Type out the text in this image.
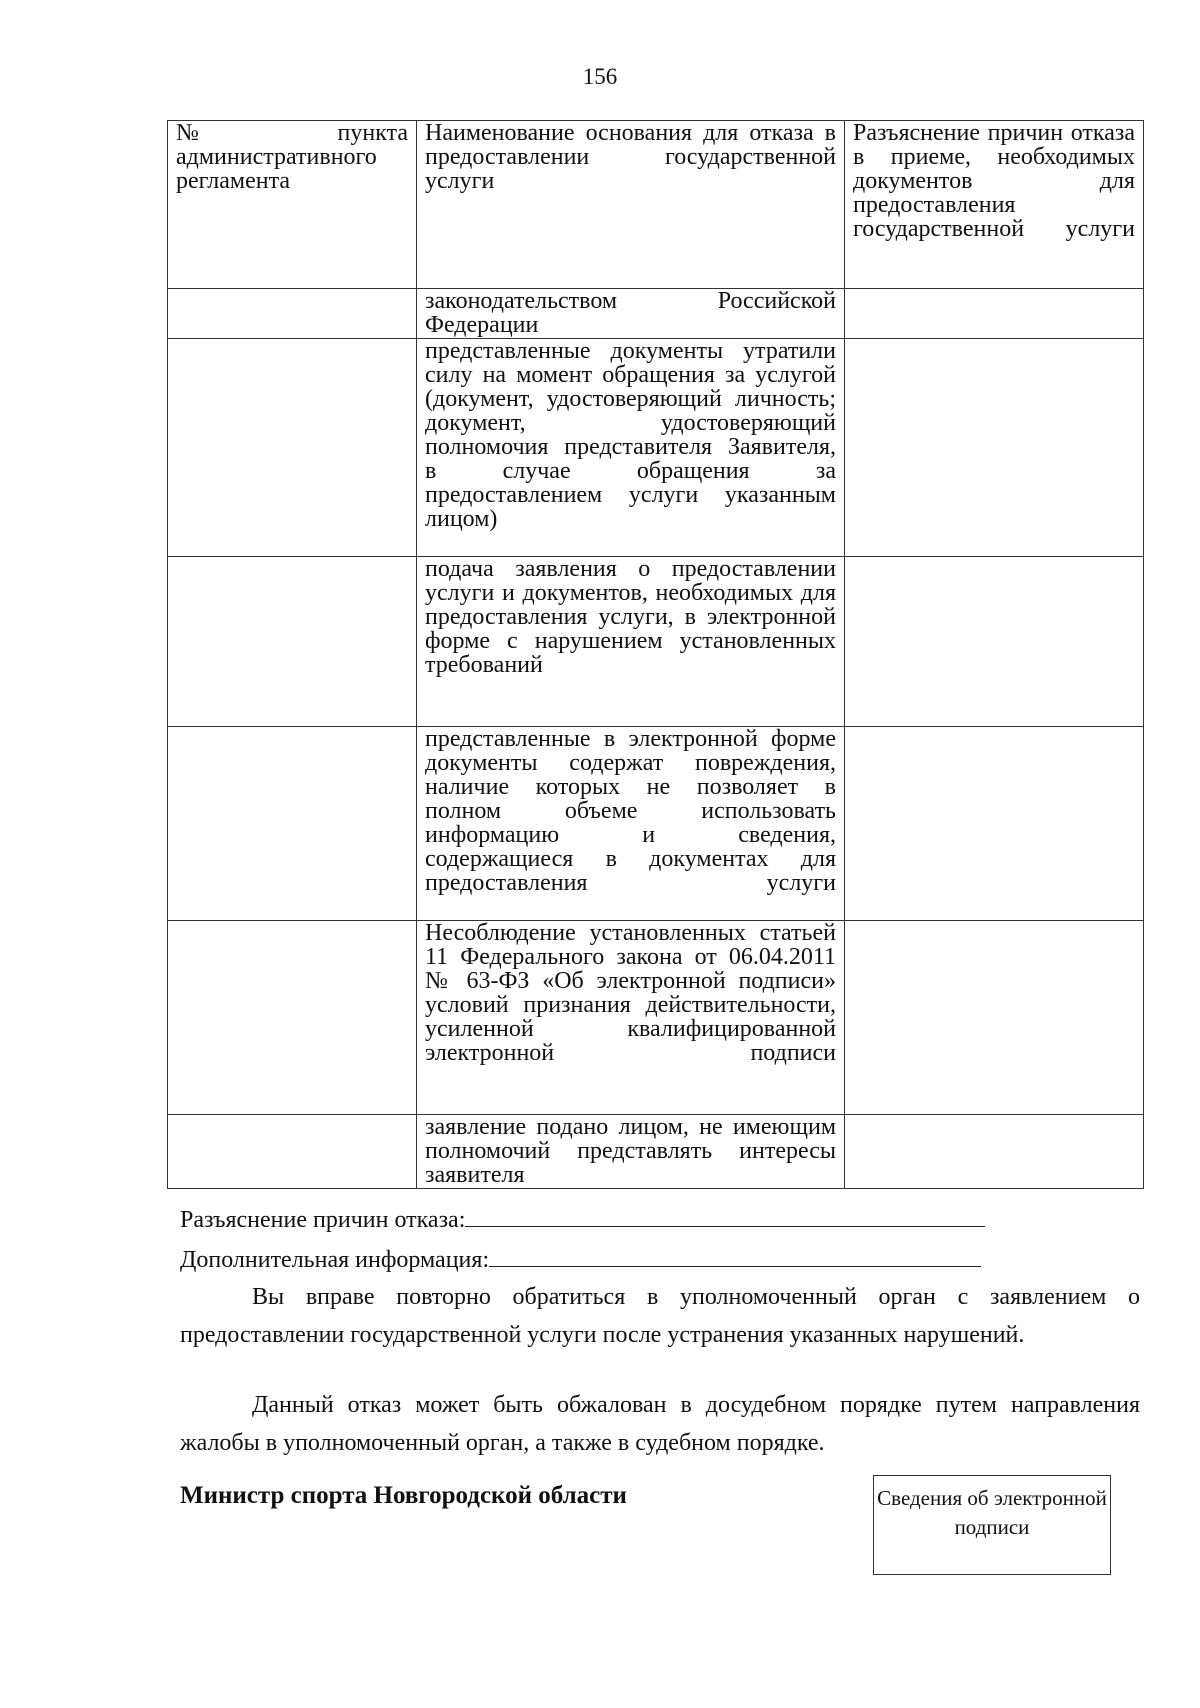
156
№ пункта административного регламента	Наименование основания для отказа в предоставлении государственной услуги	Разъяснение причин отказа в приеме, необходимых документов для предоставления государственной услуги

	законодательством Российской Федерации	

	представленные документы утратили силу на момент обращения за услугой (документ, удостоверяющий личность; документ, удостоверяющий полномочия представителя Заявителя, в случае обращения за предоставлением услуги указанным лицом)	

	подача заявления о предоставлении услуги и документов, необходимых для предоставления услуги, в электронной форме с нарушением установленных требований	

	представленные в электронной форме документы содержат повреждения, наличие которых не позволяет в полном объеме использовать информацию и сведения, содержащиеся в документах для предоставления услуги	

	Несоблюдение установленных статьей 11 Федерального закона от 06.04.2011 № 63-ФЗ «Об электронной подписи» условий признания действительности, усиленной квалифицированной электронной подписи	

	заявление подано лицом, не имеющим полномочий представлять интересы заявителя	

Разъяснение причин отказа:
Дополнительная информация:
Вы вправе повторно обратиться в уполномоченный орган с заявлением о предоставлении государственной услуги после устранения указанных нарушений.
Данный отказ может быть обжалован в досудебном порядке путем направления жалобы в уполномоченный орган, а также в судебном порядке.
Министр спорта Новгородской области	Сведения об электронной подписи
